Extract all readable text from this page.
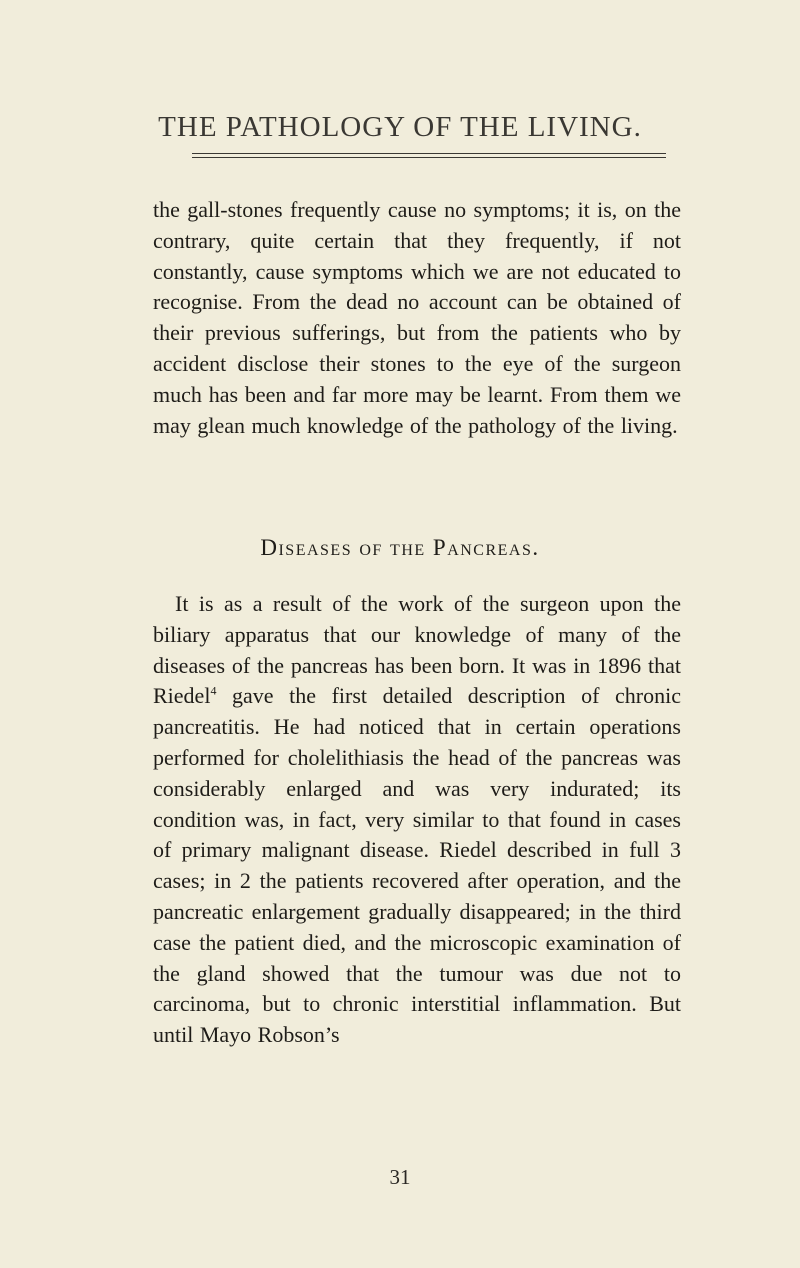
THE PATHOLOGY OF THE LIVING.

the gall-stones frequently cause no symptoms; it is, on the contrary, quite certain that they frequently, if not constantly, cause symptoms which we are not educated to recognise. From the dead no account can be obtained of their previous sufferings, but from the patients who by accident disclose their stones to the eye of the surgeon much has been and far more may be learnt. From them we may glean much knowledge of the pathology of the living.

Diseases of the Pancreas.

It is as a result of the work of the surgeon upon the biliary apparatus that our knowledge of many of the diseases of the pancreas has been born. It was in 1896 that Riedel$^4$ gave the first detailed description of chronic pancreatitis. He had noticed that in certain operations performed for cholelithiasis the head of the pancreas was considerably enlarged and was very indurated; its condition was, in fact, very similar to that found in cases of primary malignant disease. Riedel described in full 3 cases; in 2 the patients recovered after operation, and the pancreatic enlargement gradually disappeared; in the third case the patient died, and the microscopic examination of the gland showed that the tumour was due not to carcinoma, but to chronic interstitial inflammation. But until Mayo Robson’s

31
